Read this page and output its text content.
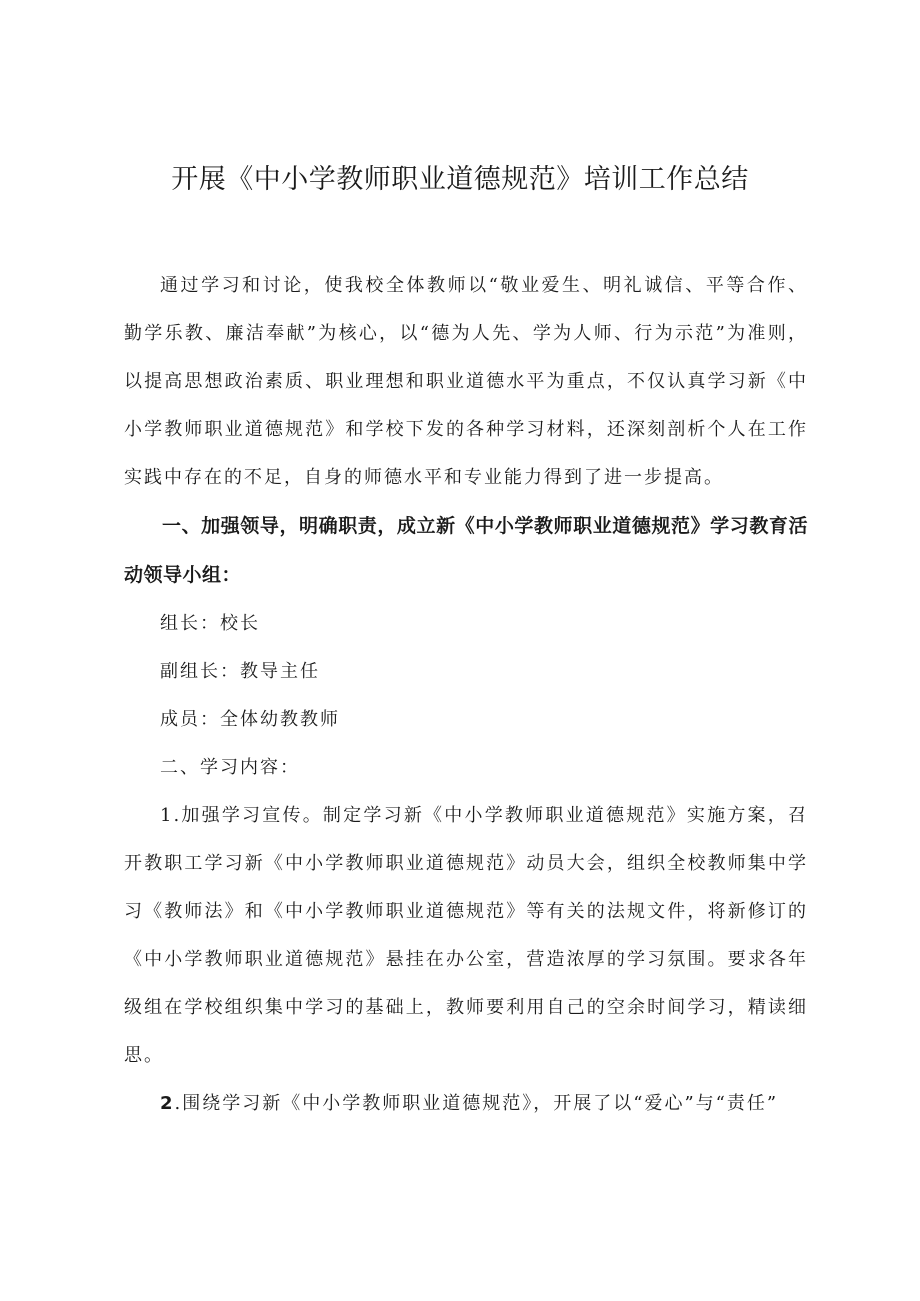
开展《中小学教师职业道德规范》培训工作总结

通过学习和讨论，使我校全体教师以“敬业爱生、明礼诚信、平等合作、勤学乐教、廉洁奉献”为核心，以“德为人先、学为人师、行为示范”为准则，以提高思想政治素质、职业理想和职业道德水平为重点，不仅认真学习新《中小学教师职业道德规范》和学校下发的各种学习材料，还深刻剖析个人在工作实践中存在的不足，自身的师德水平和专业能力得到了进一步提高。

一、加强领导，明确职责，成立新《中小学教师职业道德规范》学习教育活动领导小组：

组长：校长

副组长：教导主任

成员：全体幼教教师

二、学习内容：

1.加强学习宣传。制定学习新《中小学教师职业道德规范》实施方案，召开教职工学习新《中小学教师职业道德规范》动员大会，组织全校教师集中学习《教师法》和《中小学教师职业道德规范》等有关的法规文件，将新修订的《中小学教师职业道德规范》悬挂在办公室，营造浓厚的学习氛围。要求各年级组在学校组织集中学习的基础上，教师要利用自己的空余时间学习，精读细思。

2.围绕学习新《中小学教师职业道德规范》，开展了以“爱心”与“责任”
